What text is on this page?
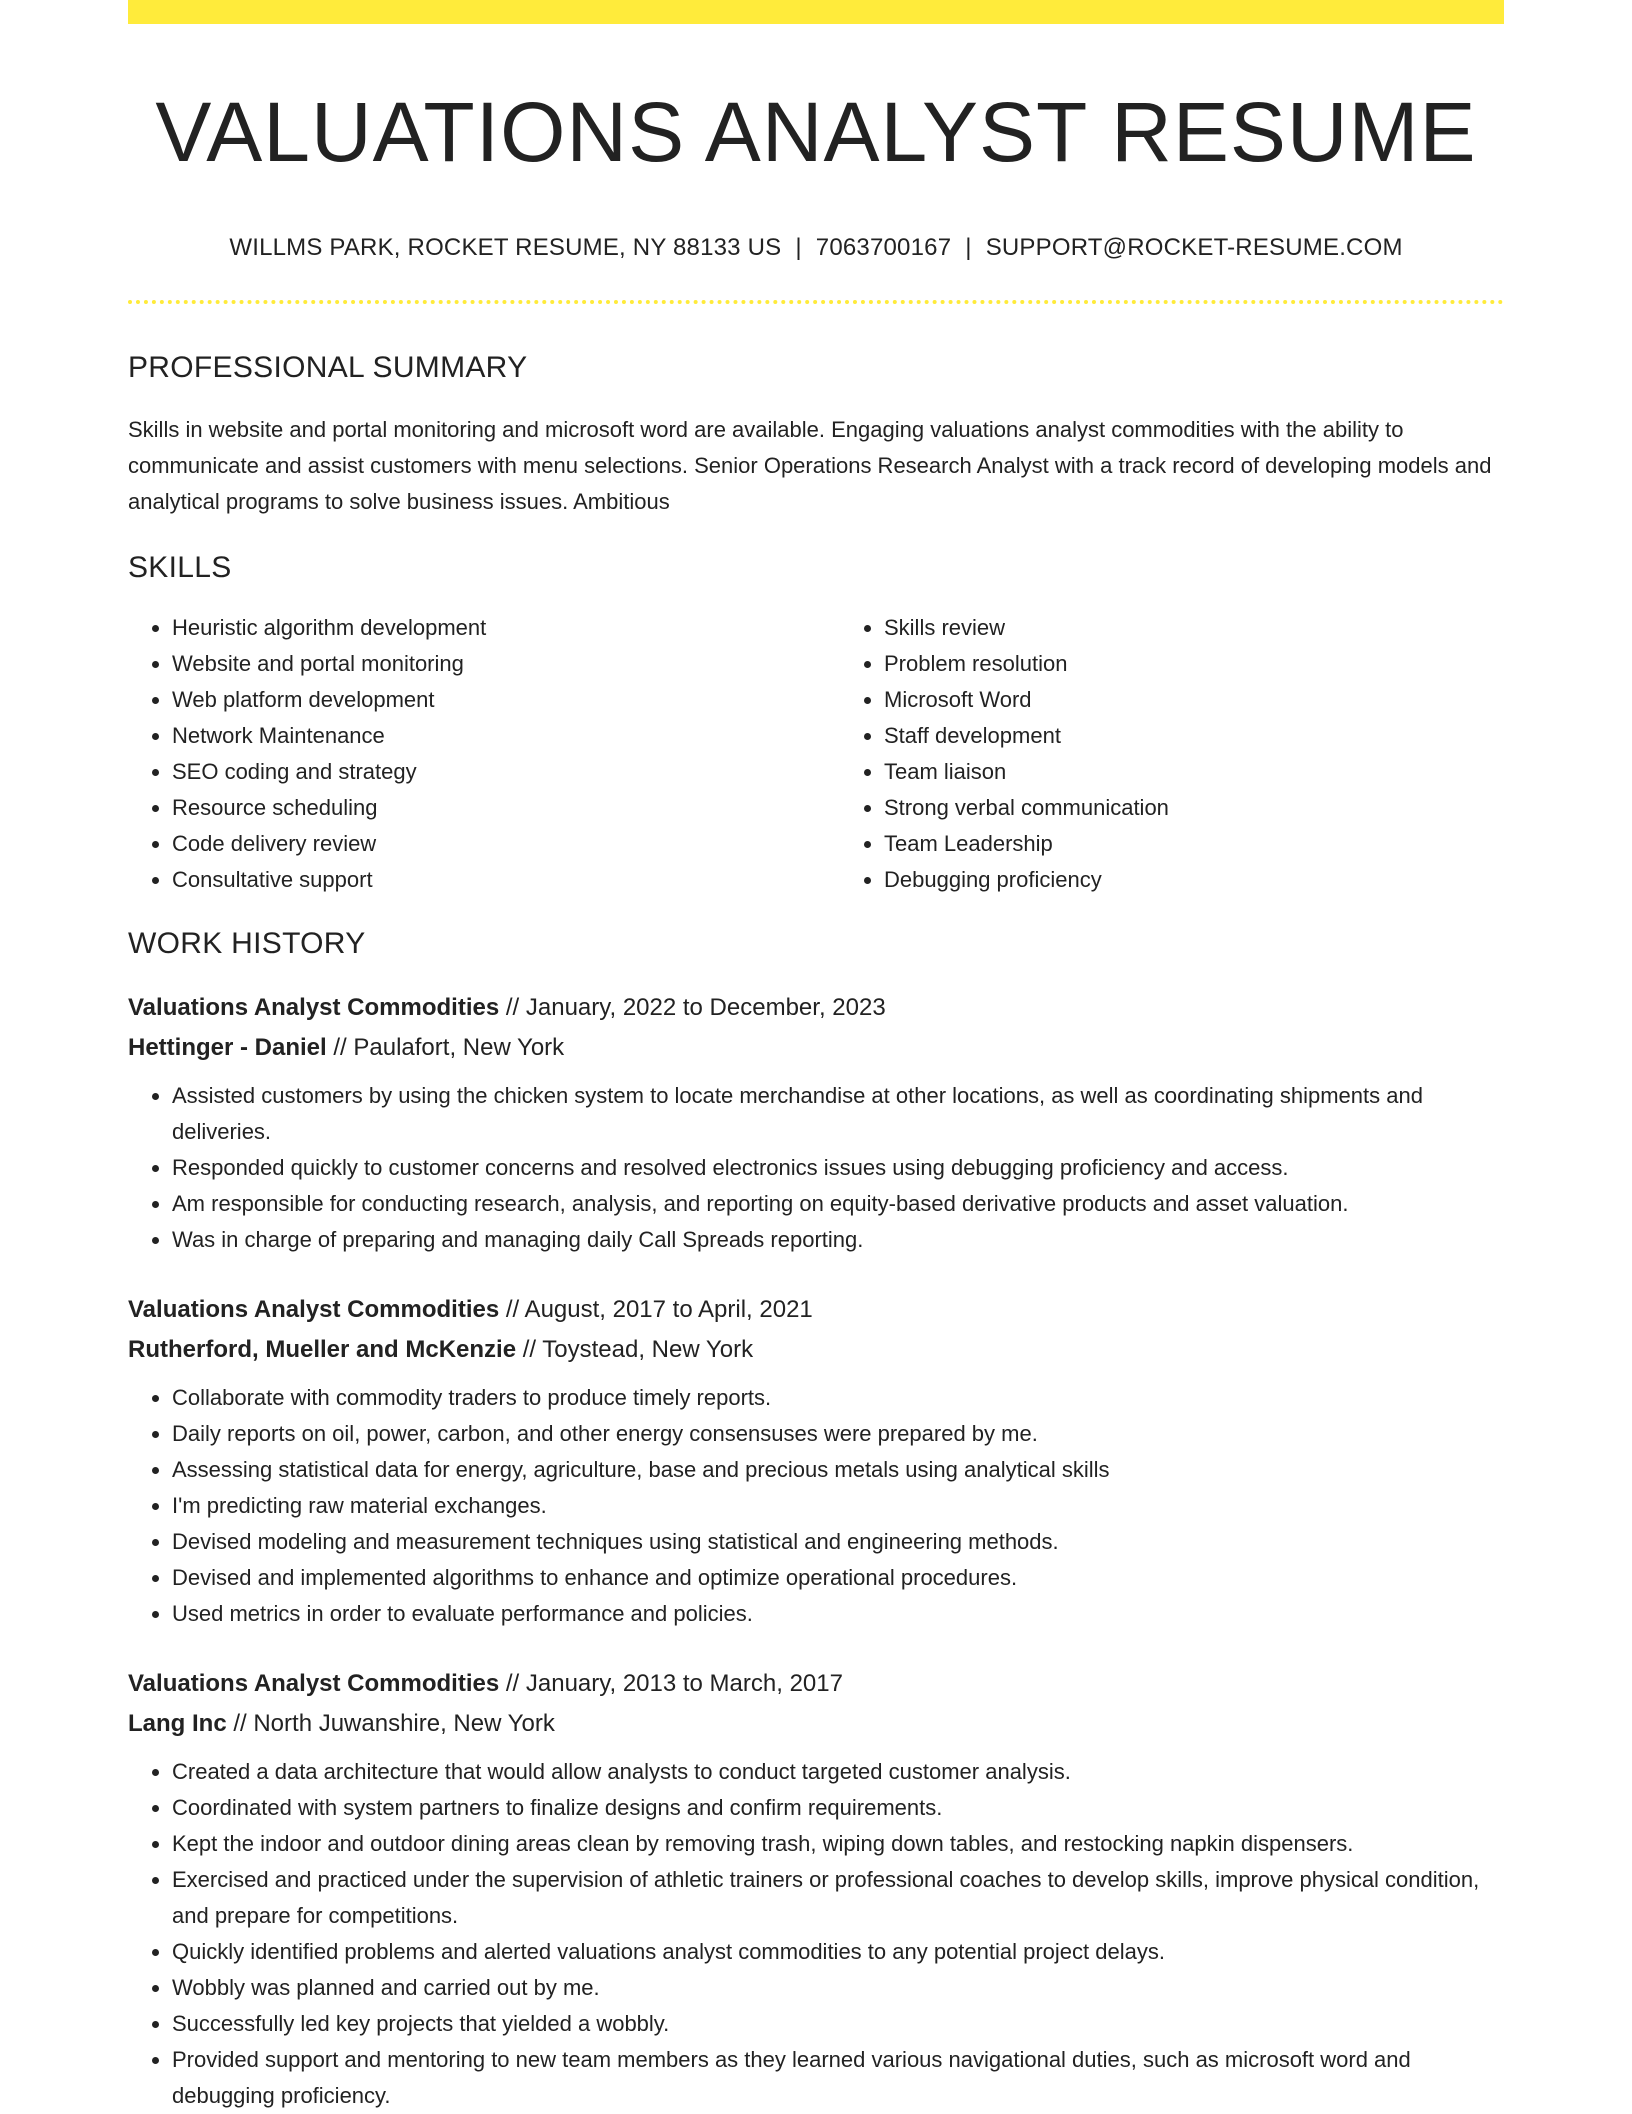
VALUATIONS ANALYST RESUME
WILLMS PARK, ROCKET RESUME, NY 88133 US | 7063700167 | SUPPORT@ROCKET-RESUME.COM
PROFESSIONAL SUMMARY
Skills in website and portal monitoring and microsoft word are available. Engaging valuations analyst commodities with the ability to communicate and assist customers with menu selections. Senior Operations Research Analyst with a track record of developing models and analytical programs to solve business issues. Ambitious
SKILLS
• Heuristic algorithm development
• Website and portal monitoring
• Web platform development
• Network Maintenance
• SEO coding and strategy
• Resource scheduling
• Code delivery review
• Consultative support
• Skills review
• Problem resolution
• Microsoft Word
• Staff development
• Team liaison
• Strong verbal communication
• Team Leadership
• Debugging proficiency
WORK HISTORY
Valuations Analyst Commodities // January, 2022 to December, 2023
Hettinger - Daniel // Paulafort, New York
• Assisted customers by using the chicken system to locate merchandise at other locations, as well as coordinating shipments and deliveries.
• Responded quickly to customer concerns and resolved electronics issues using debugging proficiency and access.
• Am responsible for conducting research, analysis, and reporting on equity-based derivative products and asset valuation.
• Was in charge of preparing and managing daily Call Spreads reporting.
Valuations Analyst Commodities // August, 2017 to April, 2021
Rutherford, Mueller and McKenzie // Toystead, New York
• Collaborate with commodity traders to produce timely reports.
• Daily reports on oil, power, carbon, and other energy consensuses were prepared by me.
• Assessing statistical data for energy, agriculture, base and precious metals using analytical skills
• I'm predicting raw material exchanges.
• Devised modeling and measurement techniques using statistical and engineering methods.
• Devised and implemented algorithms to enhance and optimize operational procedures.
• Used metrics in order to evaluate performance and policies.
Valuations Analyst Commodities // January, 2013 to March, 2017
Lang Inc // North Juwanshire, New York
• Created a data architecture that would allow analysts to conduct targeted customer analysis.
• Coordinated with system partners to finalize designs and confirm requirements.
• Kept the indoor and outdoor dining areas clean by removing trash, wiping down tables, and restocking napkin dispensers.
• Exercised and practiced under the supervision of athletic trainers or professional coaches to develop skills, improve physical condition, and prepare for competitions.
• Quickly identified problems and alerted valuations analyst commodities to any potential project delays.
• Wobbly was planned and carried out by me.
• Successfully led key projects that yielded a wobbly.
• Provided support and mentoring to new team members as they learned various navigational duties, such as microsoft word and debugging proficiency.
